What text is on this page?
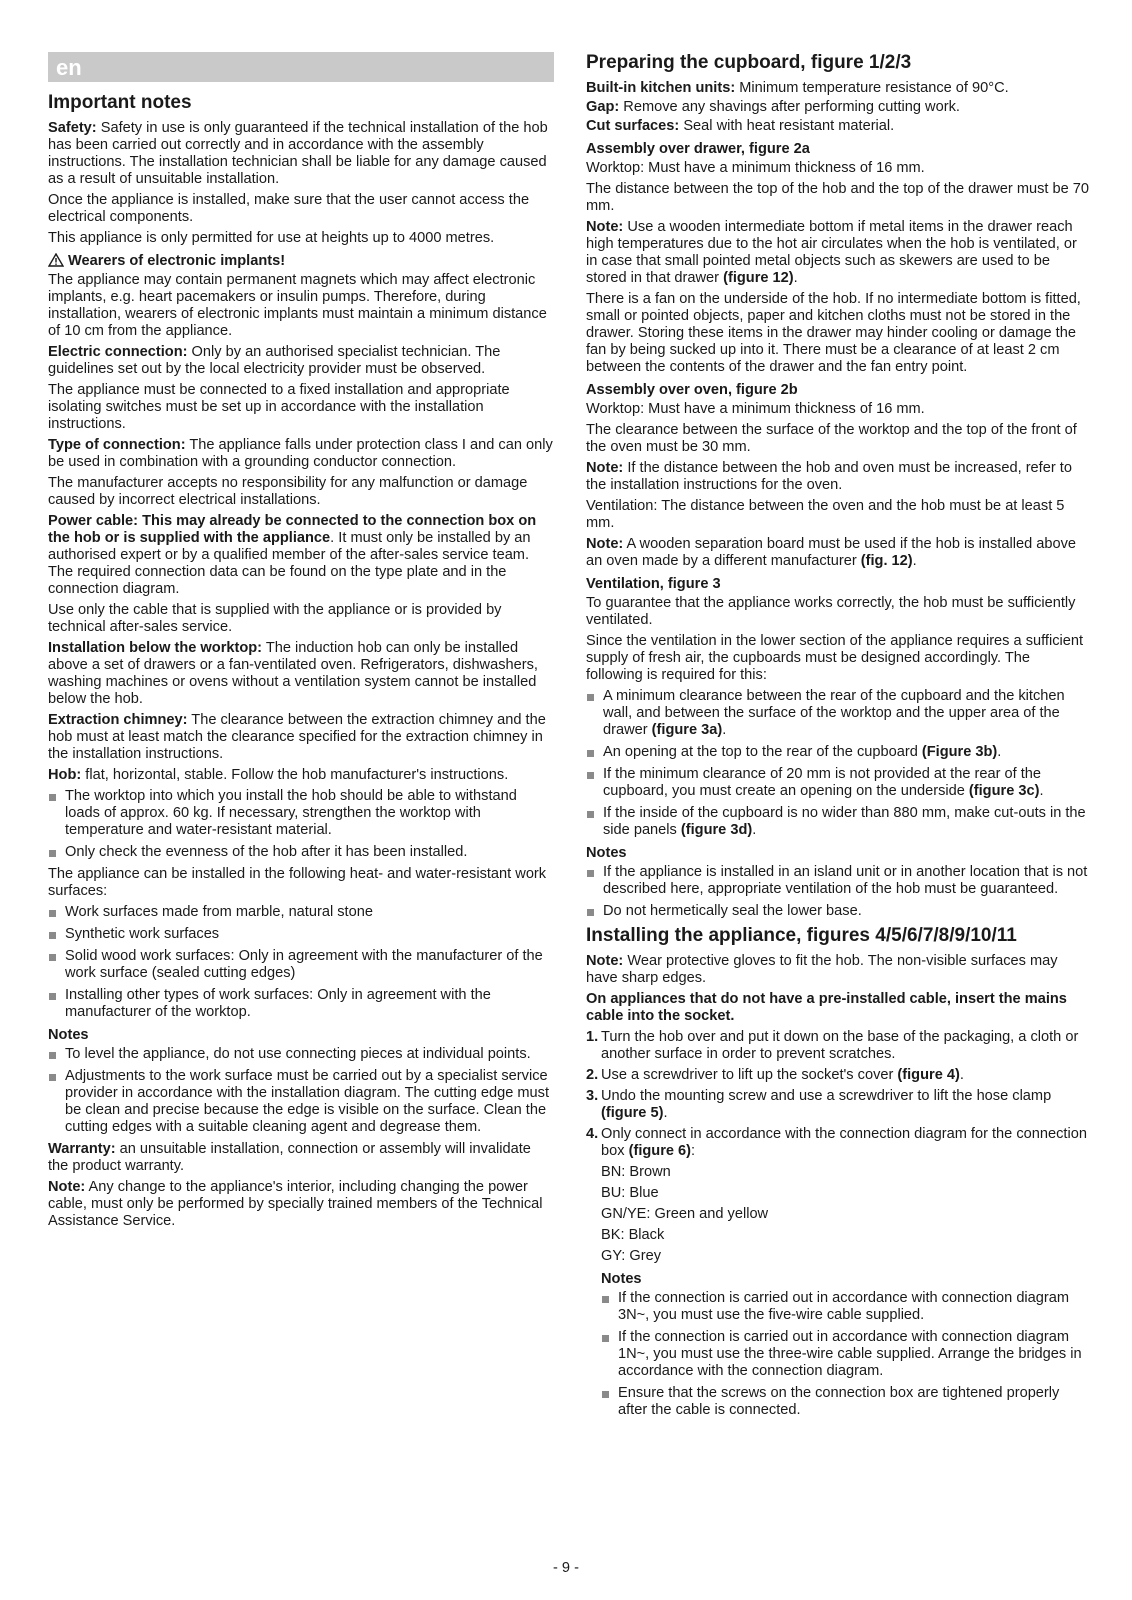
en
Important notes

Safety: Safety in use is only guaranteed if the technical installation of the hob has been carried out correctly and in accordance with the assembly instructions. The installation technician shall be liable for any damage caused as a result of unsuitable installation.

Once the appliance is installed, make sure that the user cannot access the electrical components.

This appliance is only permitted for use at heights up to 4000 metres.

Wearers of electronic implants!

The appliance may contain permanent magnets which may affect electronic implants, e.g. heart pacemakers or insulin pumps. Therefore, during installation, wearers of electronic implants must maintain a minimum distance of 10 cm from the appliance.

Electric connection: Only by an authorised specialist technician. The guidelines set out by the local electricity provider must be observed.

The appliance must be connected to a fixed installation and appropriate isolating switches must be set up in accordance with the installation instructions.

Type of connection: The appliance falls under protection class I and can only be used in combination with a grounding conductor connection.

The manufacturer accepts no responsibility for any malfunction or damage caused by incorrect electrical installations.

Power cable: This may already be connected to the connection box on the hob or is supplied with the appliance. It must only be installed by an authorised expert or by a qualified member of the after-sales service team. The required connection data can be found on the type plate and in the connection diagram.

Use only the cable that is supplied with the appliance or is provided by technical after-sales service.

Installation below the worktop: The induction hob can only be installed above a set of drawers or a fan-ventilated oven. Refrigerators, dishwashers, washing machines or ovens without a ventilation system cannot be installed below the hob.

Extraction chimney: The clearance between the extraction chimney and the hob must at least match the clearance specified for the extraction chimney in the installation instructions.

Hob: flat, horizontal, stable. Follow the hob manufacturer's instructions.

The worktop into which you install the hob should be able to withstand loads of approx. 60 kg. If necessary, strengthen the worktop with temperature and water-resistant material.
Only check the evenness of the hob after it has been installed.

The appliance can be installed in the following heat- and water-resistant work surfaces:

Work surfaces made from marble, natural stone
Synthetic work surfaces
Solid wood work surfaces: Only in agreement with the manufacturer of the work surface (sealed cutting edges)
Installing other types of work surfaces: Only in agreement with the manufacturer of the worktop.
Notes
To level the appliance, do not use connecting pieces at individual points.
Adjustments to the work surface must be carried out by a specialist service provider in accordance with the installation diagram. The cutting edge must be clean and precise because the edge is visible on the surface. Clean the cutting edges with a suitable cleaning agent and degrease them.

Warranty: an unsuitable installation, connection or assembly will invalidate the product warranty.

Note: Any change to the appliance's interior, including changing the power cable, must only be performed by specially trained members of the Technical Assistance Service.

Preparing the cupboard, figure 1/2/3

Built-in kitchen units: Minimum temperature resistance of 90°C.

Gap: Remove any shavings after performing cutting work.

Cut surfaces: Seal with heat resistant material.

Assembly over drawer, figure 2a

Worktop: Must have a minimum thickness of 16 mm.

The distance between the top of the hob and the top of the drawer must be 70 mm.

Note: Use a wooden intermediate bottom if metal items in the drawer reach high temperatures due to the hot air circulates when the hob is ventilated, or in case that small pointed metal objects such as skewers are used to be stored in that drawer (figure 12).

There is a fan on the underside of the hob. If no intermediate bottom is fitted, small or pointed objects, paper and kitchen cloths must not be stored in the drawer. Storing these items in the drawer may hinder cooling or damage the fan by being sucked up into it. There must be a clearance of at least 2 cm between the contents of the drawer and the fan entry point.

Assembly over oven, figure 2b

Worktop: Must have a minimum thickness of 16 mm.

The clearance between the surface of the worktop and the top of the front of the oven must be 30 mm.

Note: If the distance between the hob and oven must be increased, refer to the installation instructions for the oven.

Ventilation: The distance between the oven and the hob must be at least 5 mm.

Note: A wooden separation board must be used if the hob is installed above an oven made by a different manufacturer (fig. 12).

Ventilation, figure 3

To guarantee that the appliance works correctly, the hob must be sufficiently ventilated.

Since the ventilation in the lower section of the appliance requires a sufficient supply of fresh air, the cupboards must be designed accordingly. The following is required for this:

A minimum clearance between the rear of the cupboard and the kitchen wall, and between the surface of the worktop and the upper area of the drawer (figure 3a).
An opening at the top to the rear of the cupboard (Figure 3b).
If the minimum clearance of 20 mm is not provided at the rear of the cupboard, you must create an opening on the underside (figure 3c).
If the inside of the cupboard is no wider than 880 mm, make cut-outs in the side panels (figure 3d).
Notes
If the appliance is installed in an island unit or in another location that is not described here, appropriate ventilation of the hob must be guaranteed.
Do not hermetically seal the lower base.
Installing the appliance, figures 4/5/6/7/8/9/10/11

Note: Wear protective gloves to fit the hob. The non-visible surfaces may have sharp edges.

On appliances that do not have a pre-installed cable, insert the mains cable into the socket.

1. Turn the hob over and put it down on the base of the packaging, a cloth or another surface in order to prevent scratches.
2. Use a screwdriver to lift up the socket's cover (figure 4).
3. Undo the mounting screw and use a screwdriver to lift the hose clamp (figure 5).
4. Only connect in accordance with the connection diagram for the connection box (figure 6):

BN: Brown

BU: Blue

GN/YE: Green and yellow

BK: Black

GY: Grey

Notes
If the connection is carried out in accordance with connection diagram 3N~, you must use the five-wire cable supplied.
If the connection is carried out in accordance with connection diagram 1N~, you must use the three-wire cable supplied. Arrange the bridges in accordance with the connection diagram.
Ensure that the screws on the connection box are tightened properly after the cable is connected.
- 9 -
